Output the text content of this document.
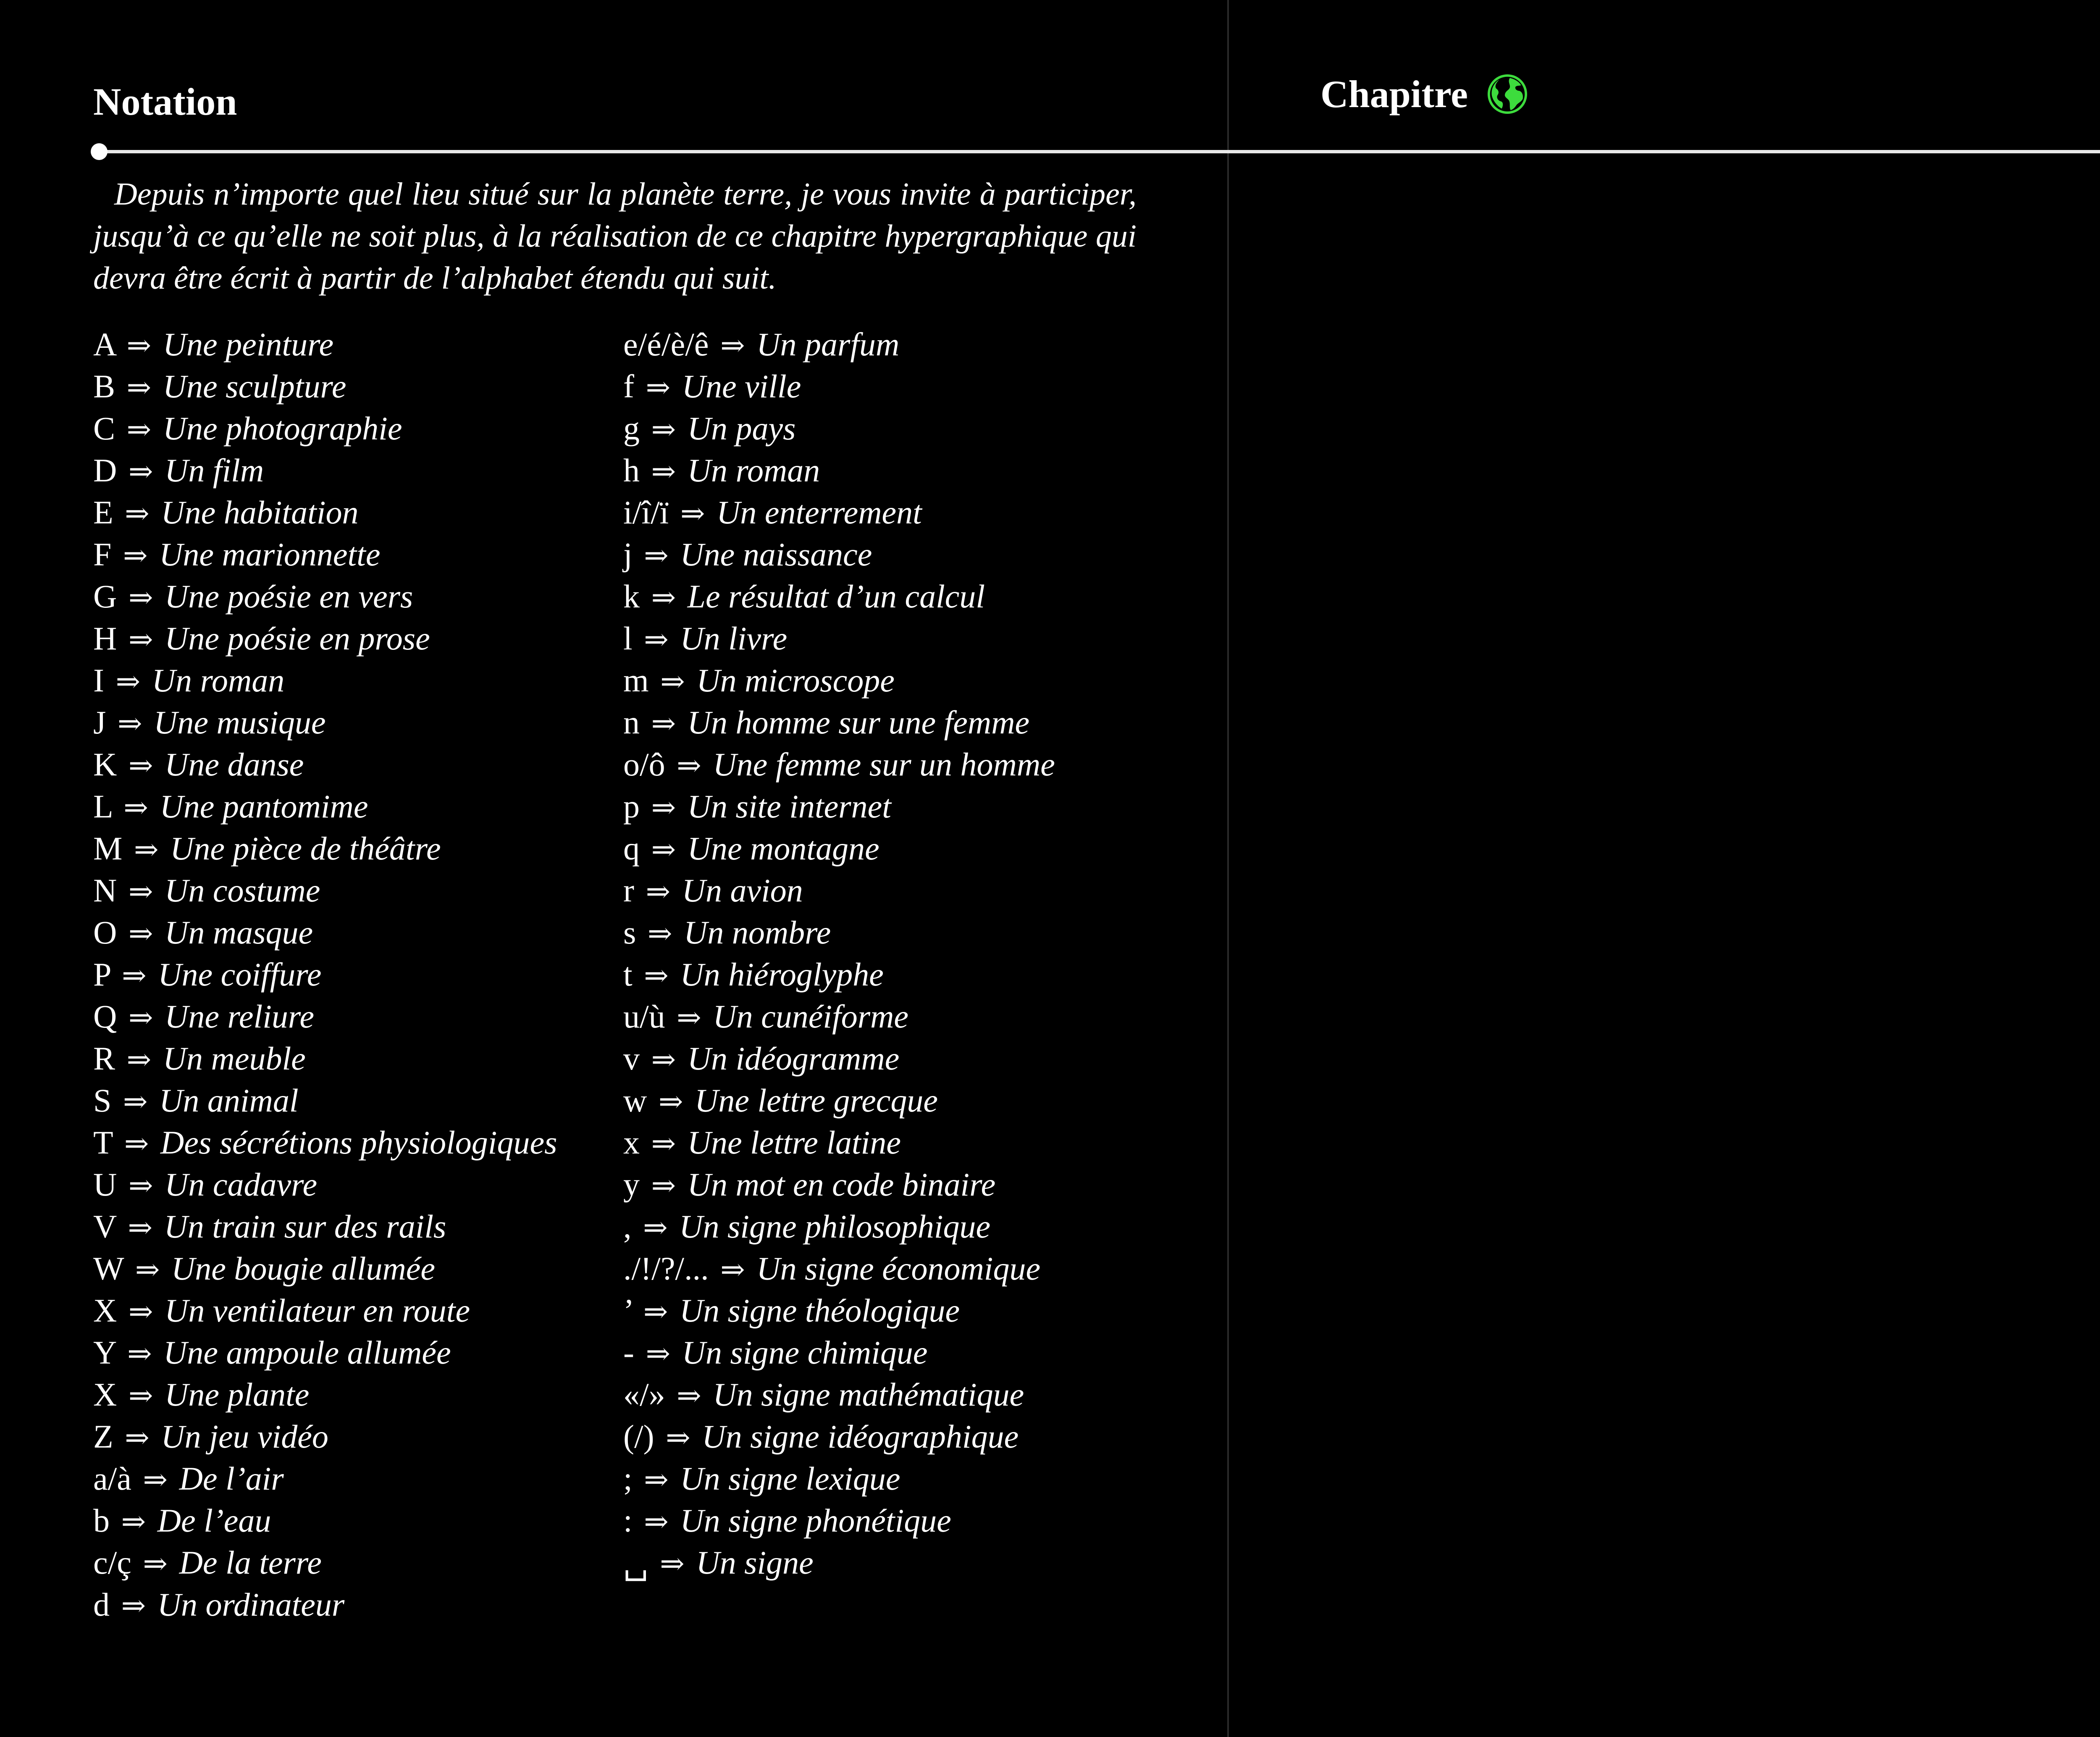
Notation	Chapitre

Depuis n’importe quel lieu situé sur la planète terre, je vous invite à participer, jusqu’à ce qu’elle ne soit plus, à la réalisation de ce chapitre hypergraphique qui devra être écrit à partir de l’alphabet étendu qui suit.

A ⇒ Une peinture
B ⇒ Une sculpture
C ⇒ Une photographie
D ⇒ Un film
E ⇒ Une habitation
F ⇒ Une marionnette
G ⇒ Une poésie en vers
H ⇒ Une poésie en prose
I ⇒ Un roman
J ⇒ Une musique
K ⇒ Une danse
L ⇒ Une pantomime
M ⇒ Une pièce de théâtre
N ⇒ Un costume
O ⇒ Un masque
P ⇒ Une coiffure
Q ⇒ Une reliure
R ⇒ Un meuble
S ⇒ Un animal
T ⇒ Des sécrétions physiologiques
U ⇒ Un cadavre
V ⇒ Un train sur des rails
W ⇒ Une bougie allumée
X ⇒ Un ventilateur en route
Y ⇒ Une ampoule allumée
X ⇒ Une plante
Z ⇒ Un jeu vidéo
a/à ⇒ De l’air
b ⇒ De l’eau
c/ç ⇒ De la terre
d ⇒ Un ordinateur
e/é/è/ê ⇒ Un parfum
f ⇒ Une ville
g ⇒ Un pays
h ⇒ Un roman
i/î/ï ⇒ Un enterrement
j ⇒ Une naissance
k ⇒ Le résultat d’un calcul
l ⇒ Un livre
m ⇒ Un microscope
n ⇒ Un homme sur une femme
o/ô ⇒ Une femme sur un homme
p ⇒ Un site internet
q ⇒ Une montagne
r ⇒ Un avion
s ⇒ Un nombre
t ⇒ Un hiéroglyphe
u/ù ⇒ Un cunéiforme
v ⇒ Un idéogramme
w ⇒ Une lettre grecque
x ⇒ Une lettre latine
y ⇒ Un mot en code binaire
, ⇒ Un signe philosophique
./!/?/... ⇒ Un signe économique
’ ⇒ Un signe théologique
- ⇒ Un signe chimique
«/» ⇒ Un signe mathématique
(/) ⇒ Un signe idéographique
; ⇒ Un signe lexique
: ⇒ Un signe phonétique
␣ ⇒ Un signe
